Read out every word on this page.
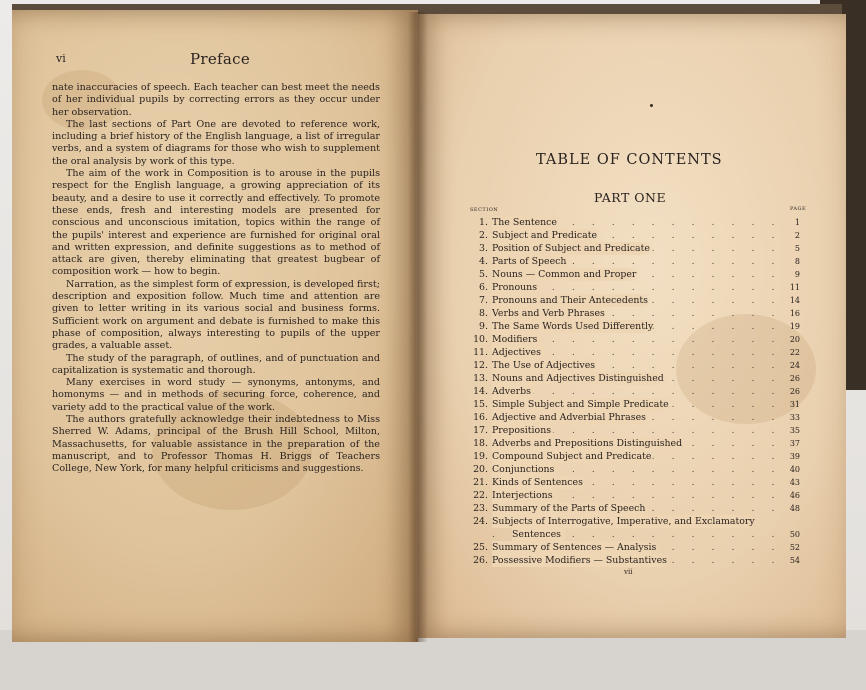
vi	Preface

nate inaccuracies of speech. Each teacher can best meet the needs of her individual pupils by correcting errors as they occur under her observation.

The last sections of Part One are devoted to reference work, including a brief history of the English language, a list of irregular verbs, and a system of diagrams for those who wish to supplement the oral analysis by work of this type.

The aim of the work in Composition is to arouse in the pupils respect for the English language, a growing appreciation of its beauty, and a desire to use it correctly and effectively. To promote these ends, fresh and interesting models are presented for conscious and unconscious imitation, topics within the range of the pupils' interest and experience are furnished for original oral and written expression, and definite suggestions as to method of attack are given, thereby eliminating that greatest bugbear of composition work — how to begin.

Narration, as the simplest form of expression, is developed first; description and exposition follow. Much time and attention are given to letter writing in its various social and business forms. Sufficient work on argument and debate is furnished to make this phase of composition, always interesting to pupils of the upper grades, a valuable asset.

The study of the paragraph, of outlines, and of punctuation and capitalization is systematic and thorough.

Many exercises in word study — synonyms, antonyms, and homonyms — and in methods of securing force, coherence, and variety add to the practical value of the work.

The authors gratefully acknowledge their indebtedness to Miss Sherred W. Adams, principal of the Brush Hill School, Milton, Massachusetts, for valuable assistance in the preparation of the manuscript, and to Professor Thomas H. Briggs of Teachers College, New York, for many helpful criticisms and suggestions.

TABLE OF CONTENTS
PART ONE
SECTION	PAGE
1. . . . The Sentence	1
2. . . . Subject and Predicate	2
3. . . . Position of Subject and Predicate	5
4. . . . Parts of Speech	8
5. . . . Nouns — Common and Proper	9
6. . . . Pronouns	11
7. . . . Pronouns and Their Antecedents	14
8. . . . Verbs and Verb Phrases	16
9. . . . The Same Words Used Differently	19
10. . . . Modifiers	20
11. . . . Adjectives	22
12. . . . The Use of Adjectives	24
13. . . . Nouns and Adjectives Distinguished	26
14. . . . Adverbs	26
15. . . . Simple Subject and Simple Predicate	31
16. . . . Adjective and Adverbial Phrases	33
17. . . . Prepositions	35
18. . . . Adverbs and Prepositions Distinguished	37
19. . . . Compound Subject and Predicate	39
20. . . . Conjunctions	40
21. . . . Kinds of Sentences	43
22. . . . Interjections	46
23. . . . Summary of the Parts of Speech	48
24. Subjects of Interrogative, Imperative, and Exclamatory
. . .
Sentences	50
25. . . . Summary of Sentences — Analysis	52
26. . . . Possessive Modifiers — Substantives	54
vii
